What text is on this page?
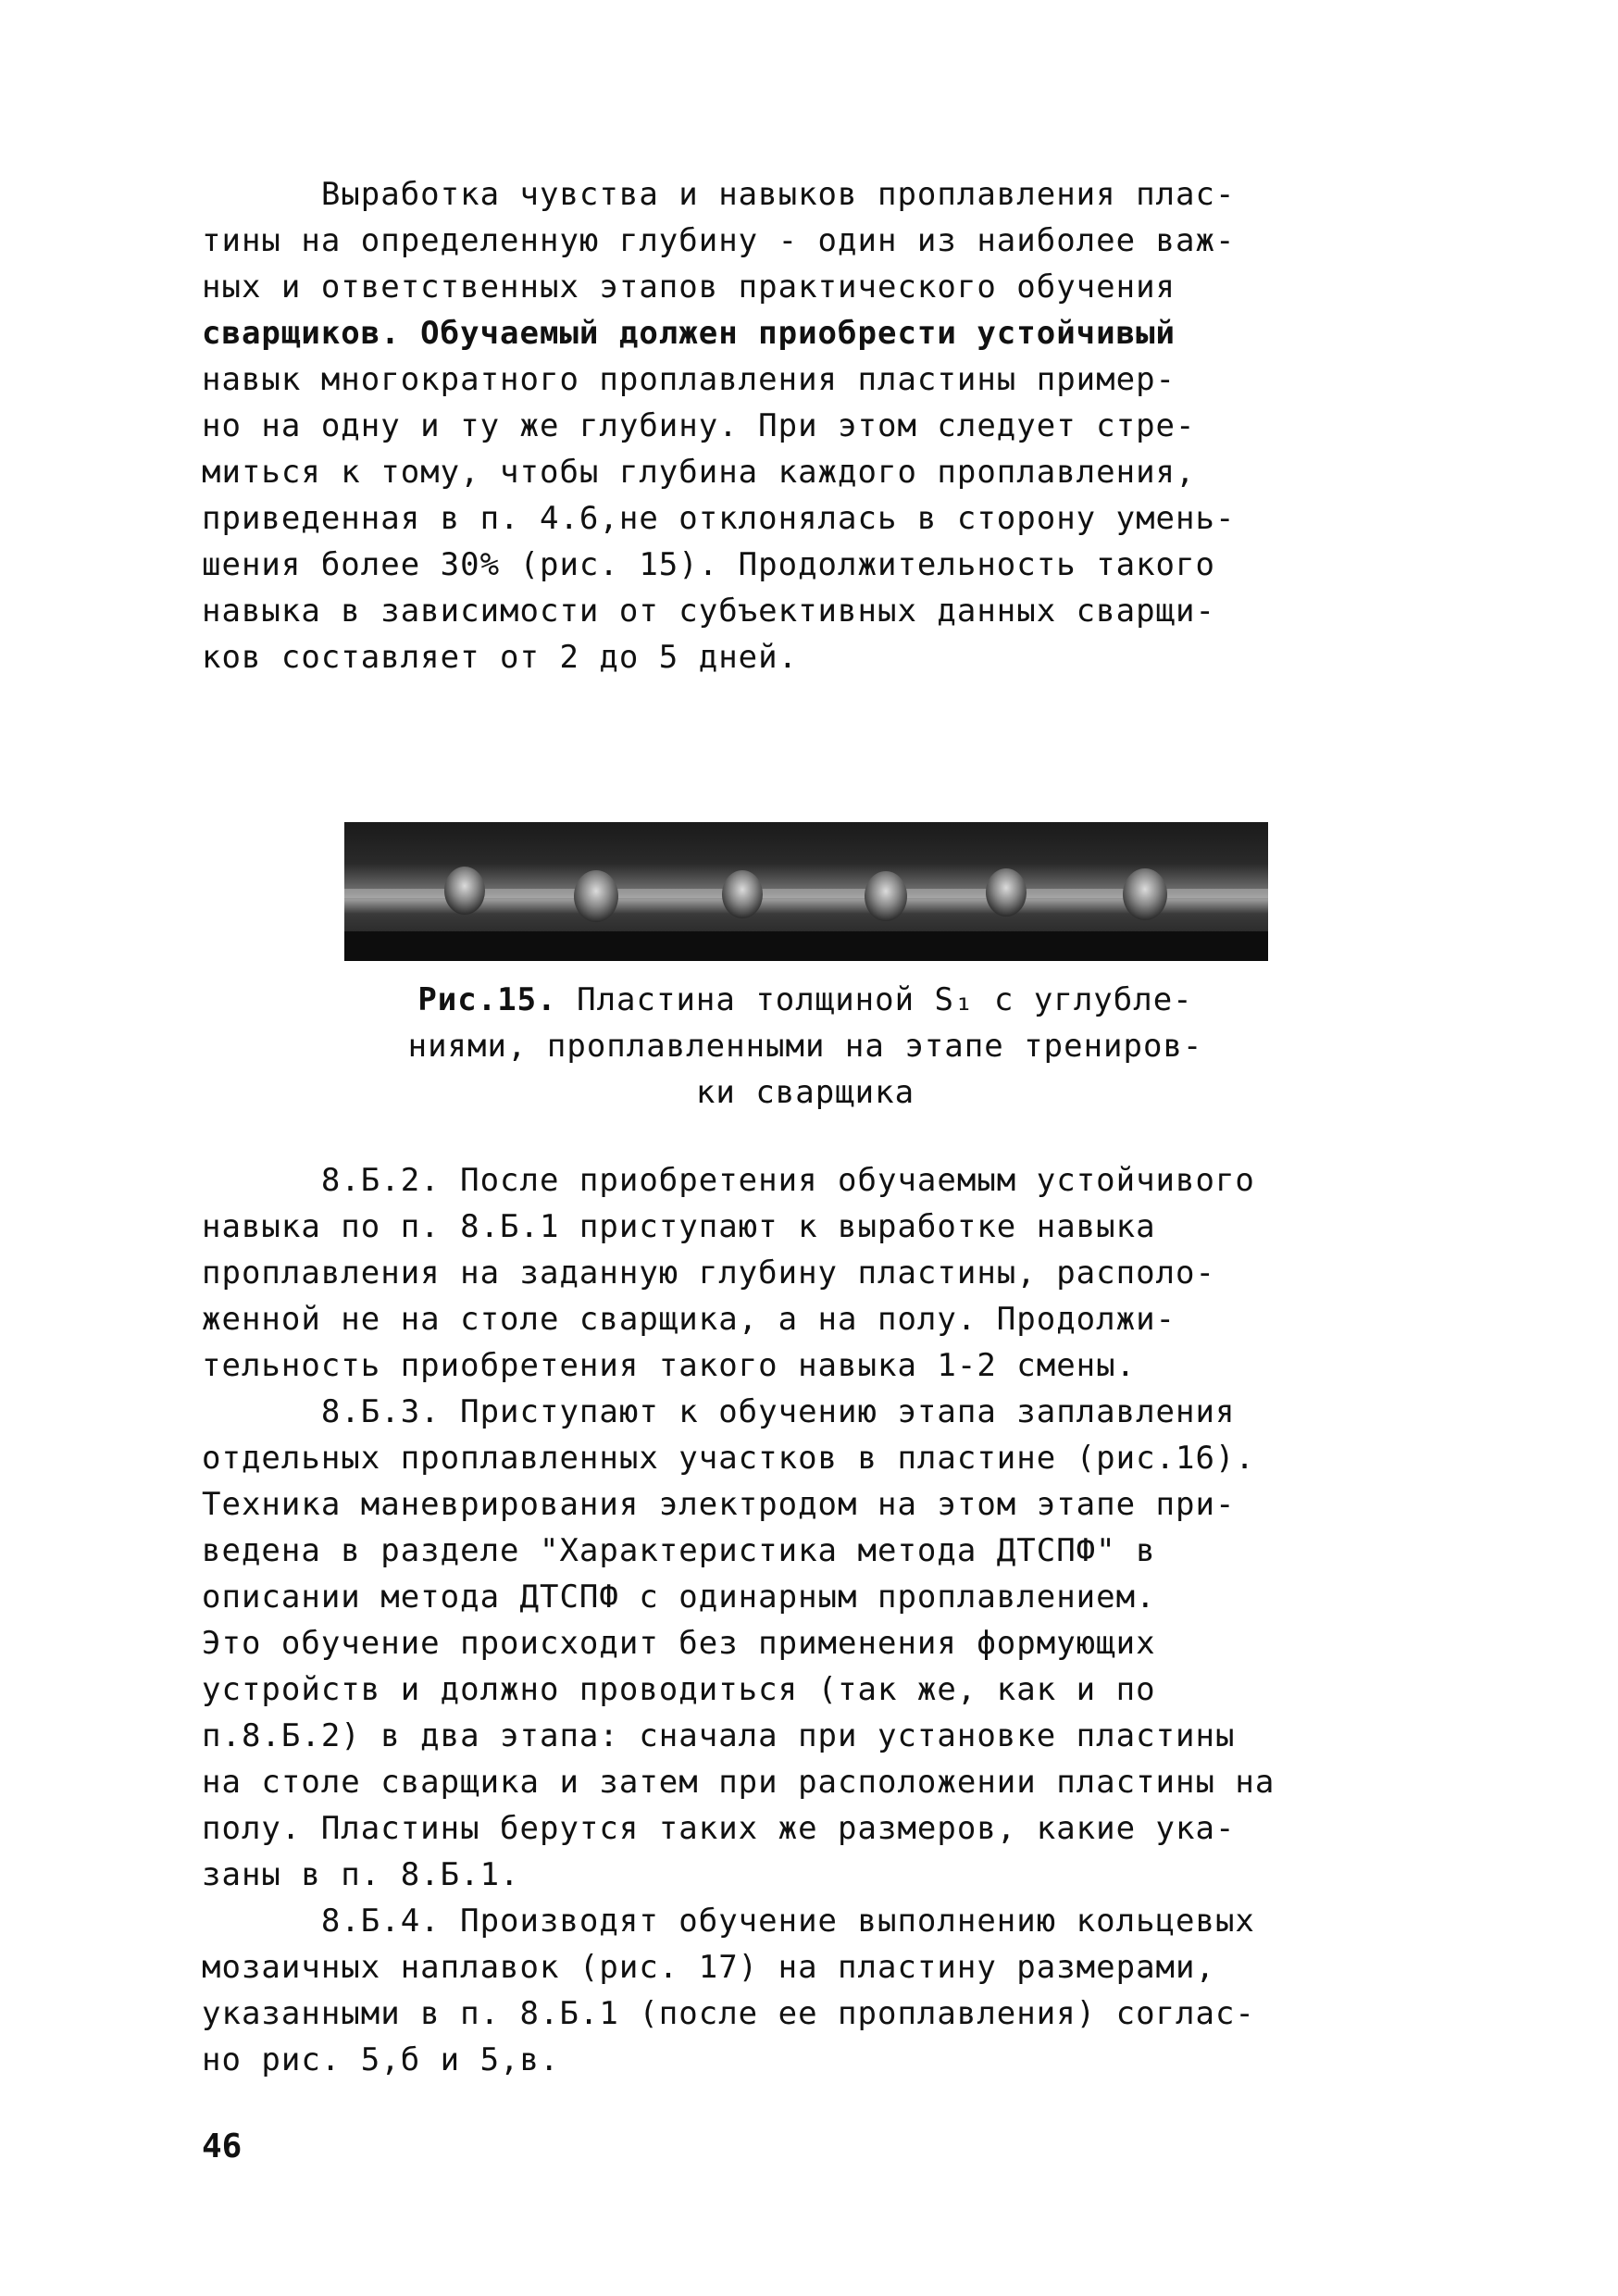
Выработка чувства и навыков проплавления плас-
тины на определенную глубину - один из наиболее важ-
ных и ответственных этапов практического обучения
сварщиков. Обучаемый должен приобрести устойчивый
навык многократного проплавления пластины пример-
но на одну и ту же глубину. При этом следует стре-
миться к тому, чтобы глубина каждого проплавления,
приведенная в п. 4.6,не отклонялась в сторону умень-
шения более 30% (рис. 15). Продолжительность такого
навыка в зависимости от субъективных данных сварщи-
ков составляет от 2 до 5 дней.
Рис.15. Пластина толщиной S₁ с углубле-
ниями, проплавленными на этапе трениров-
ки сварщика
8.Б.2. После приобретения обучаемым устойчивого
навыка по п. 8.Б.1 приступают к выработке навыка
проплавления на заданную глубину пластины, располо-
женной не на столе сварщика, а на полу. Продолжи-
тельность приобретения такого навыка 1-2 смены.
8.Б.3. Приступают к обучению этапа заплавления
отдельных проплавленных участков в пластине (рис.16).
Техника маневрирования электродом на этом этапе при-
ведена в разделе "Характеристика метода ДТСПФ" в
описании метода ДТСПФ с одинарным проплавлением.
Это обучение происходит без применения формующих
устройств и должно проводиться (так же, как и по
п.8.Б.2) в два этапа: сначала при установке пластины
на столе сварщика и затем при расположении пластины на
полу. Пластины берутся таких же размеров, какие ука-
заны в п. 8.Б.1.
8.Б.4. Производят обучение выполнению кольцевых
мозаичных наплавок (рис. 17) на пластину размерами,
указанными в п. 8.Б.1 (после ее проплавления) соглас-
но рис. 5,б и 5,в.
46
